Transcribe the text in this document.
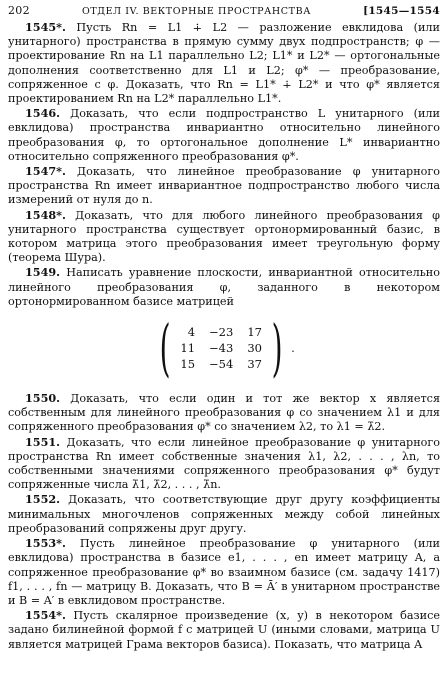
202	ОТДЕЛ IV. ВЕКТОРНЫЕ ПРОСТРАНСТВА	[1545—1554

1545*. Пусть Rn = L1 ∔ L2 — разложение евклидова (или унитарного) пространства в прямую сумму двух подпространств; φ — проектирование Rn на L1 параллельно L2; L1* и L2* — ортогональные дополнения соответственно для L1 и L2; φ* — преобразование, сопряженное с φ. Доказать, что Rn = L1* ∔ L2* и что φ* является проектированием Rn на L2* параллельно L1*.

1546. Доказать, что если подпространство L унитарного (или евклидова) пространства инвариантно относительно линейного преобразования φ, то ортогональное дополнение L* инвариантно относительно сопряженного преобразования φ*.

1547*. Доказать, что линейное преобразование φ унитарного пространства Rn имеет инвариантное подпространство любого числа измерений от нуля до n.

1548*. Доказать, что для любого линейного преобразования φ унитарного пространства существует ортонормированный базис, в котором матрица этого преобразования имеет треугольную форму (теорема Шура).

1549. Написать уравнение плоскости, инвариантной относительно линейного преобразования φ, заданного в некотором ортонормированном базисе матрицей

( 4	−23	17
11	−43	30
15	−54	37 ) .

1550. Доказать, что если один и тот же вектор x является собственным для линейного преобразования φ со значением λ1 и для сопряженного преобразования φ* со значением λ2, то λ1 = λ̄2.

1551. Доказать, что если линейное преобразование φ унитарного пространства Rn имеет собственные значения λ1, λ2, . . . , λn, то собственными значениями сопряженного преобразования φ* будут сопряженные числа λ̄1, λ̄2, . . . , λ̄n.

1552. Доказать, что соответствующие друг другу коэффициенты минимальных многочленов сопряженных между собой линейных преобразований сопряжены друг другу.

1553*. Пусть линейное преобразование φ унитарного (или евклидова) пространства в базисе e1, . . . , en имеет матрицу A, а сопряженное преобразование φ* во взаимном базисе (см. задачу 1417) f1, . . . , fn — матрицу B. Доказать, что B = Ā′ в унитарном пространстве и B = A′ в евклидовом пространстве.

1554*. Пусть скалярное произведение (x, y) в некотором базисе задано билинейной формой f с матрицей U (иными словами, матрица U является матрицей Грама векторов базиса). Показать, что матрица A
